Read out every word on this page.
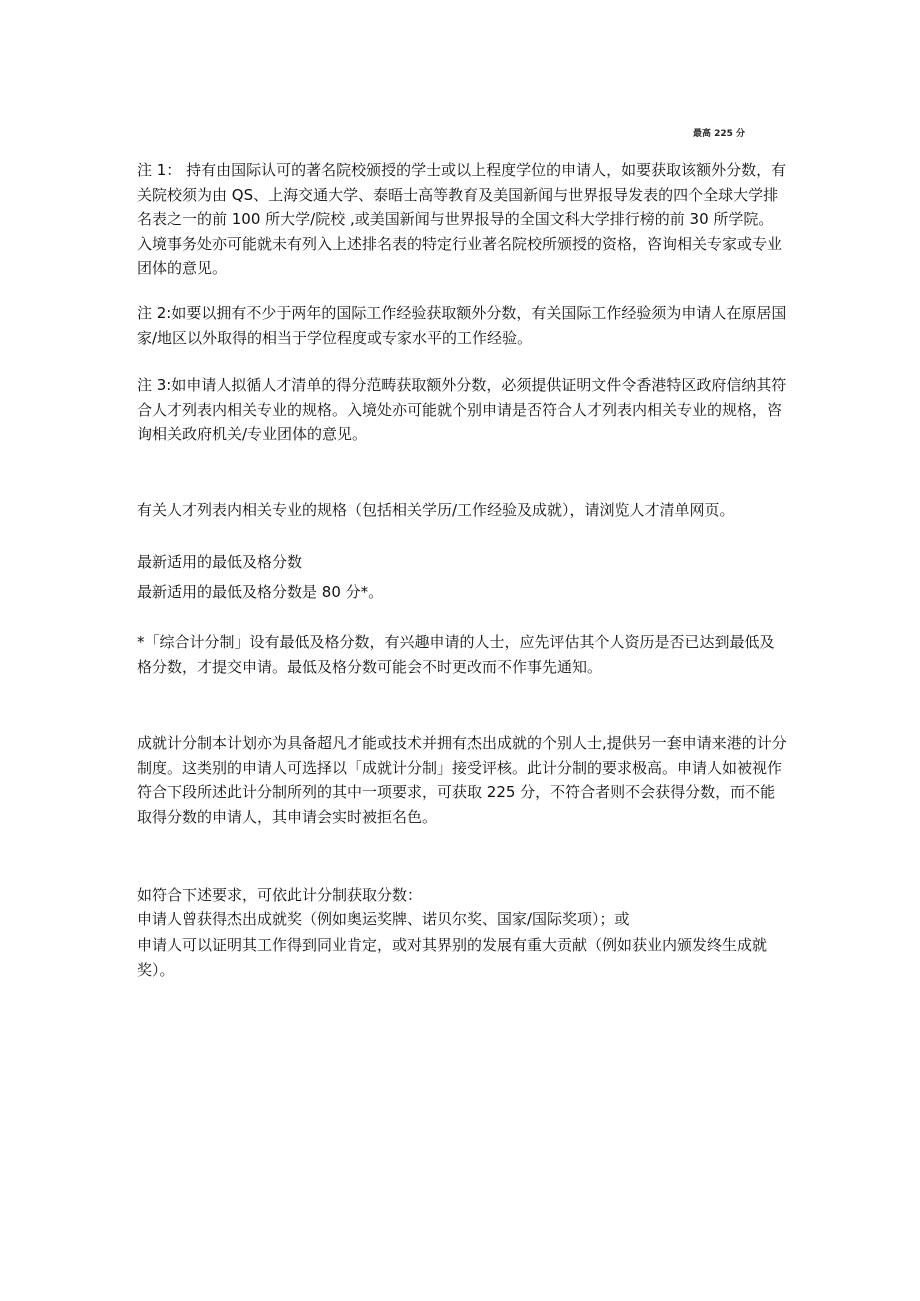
最高 225 分

注 1： 持有由国际认可的著名院校颁授的学士或以上程度学位的申请人，如要获取该额外分数，有关院校须为由 QS、上海交通大学、泰晤士高等教育及美国新闻与世界报导发表的四个全球大学排名表之一的前 100 所大学/院校 ,或美国新闻与世界报导的全国文科大学排行榜的前 30 所学院。入境事务处亦可能就未有列入上述排名表的特定行业著名院校所颁授的资格，咨询相关专家或专业团体的意见。

注 2:如要以拥有不少于两年的国际工作经验获取额外分数，有关国际工作经验须为申请人在原居国家/地区以外取得的相当于学位程度或专家水平的工作经验。

注 3:如申请人拟循人才清单的得分范畴获取额外分数，必须提供证明文件令香港特区政府信纳其符合人才列表内相关专业的规格。入境处亦可能就个别申请是否符合人才列表内相关专业的规格，咨询相关政府机关/专业团体的意见。

有关人才列表内相关专业的规格（包括相关学历/工作经验及成就），请浏览人才清单网页。

最新适用的最低及格分数

最新适用的最低及格分数是 80 分*。

*「综合计分制」设有最低及格分数，有兴趣申请的人士，应先评估其个人资历是否已达到最低及格分数，才提交申请。最低及格分数可能会不时更改而不作事先通知。

成就计分制本计划亦为具备超凡才能或技术并拥有杰出成就的个别人士,提供另一套申请来港的计分制度。这类别的申请人可选择以「成就计分制」接受评核。此计分制的要求极高。申请人如被视作符合下段所述此计分制所列的其中一项要求，可获取 225 分，不符合者则不会获得分数，而不能取得分数的申请人，其申请会实时被拒名色。

如符合下述要求，可依此计分制获取分数：

申请人曾获得杰出成就奖（例如奥运奖牌、诺贝尔奖、国家/国际奖项）；或

申请人可以证明其工作得到同业肯定，或对其界别的发展有重大贡献（例如获业内颁发终生成就奖）。
